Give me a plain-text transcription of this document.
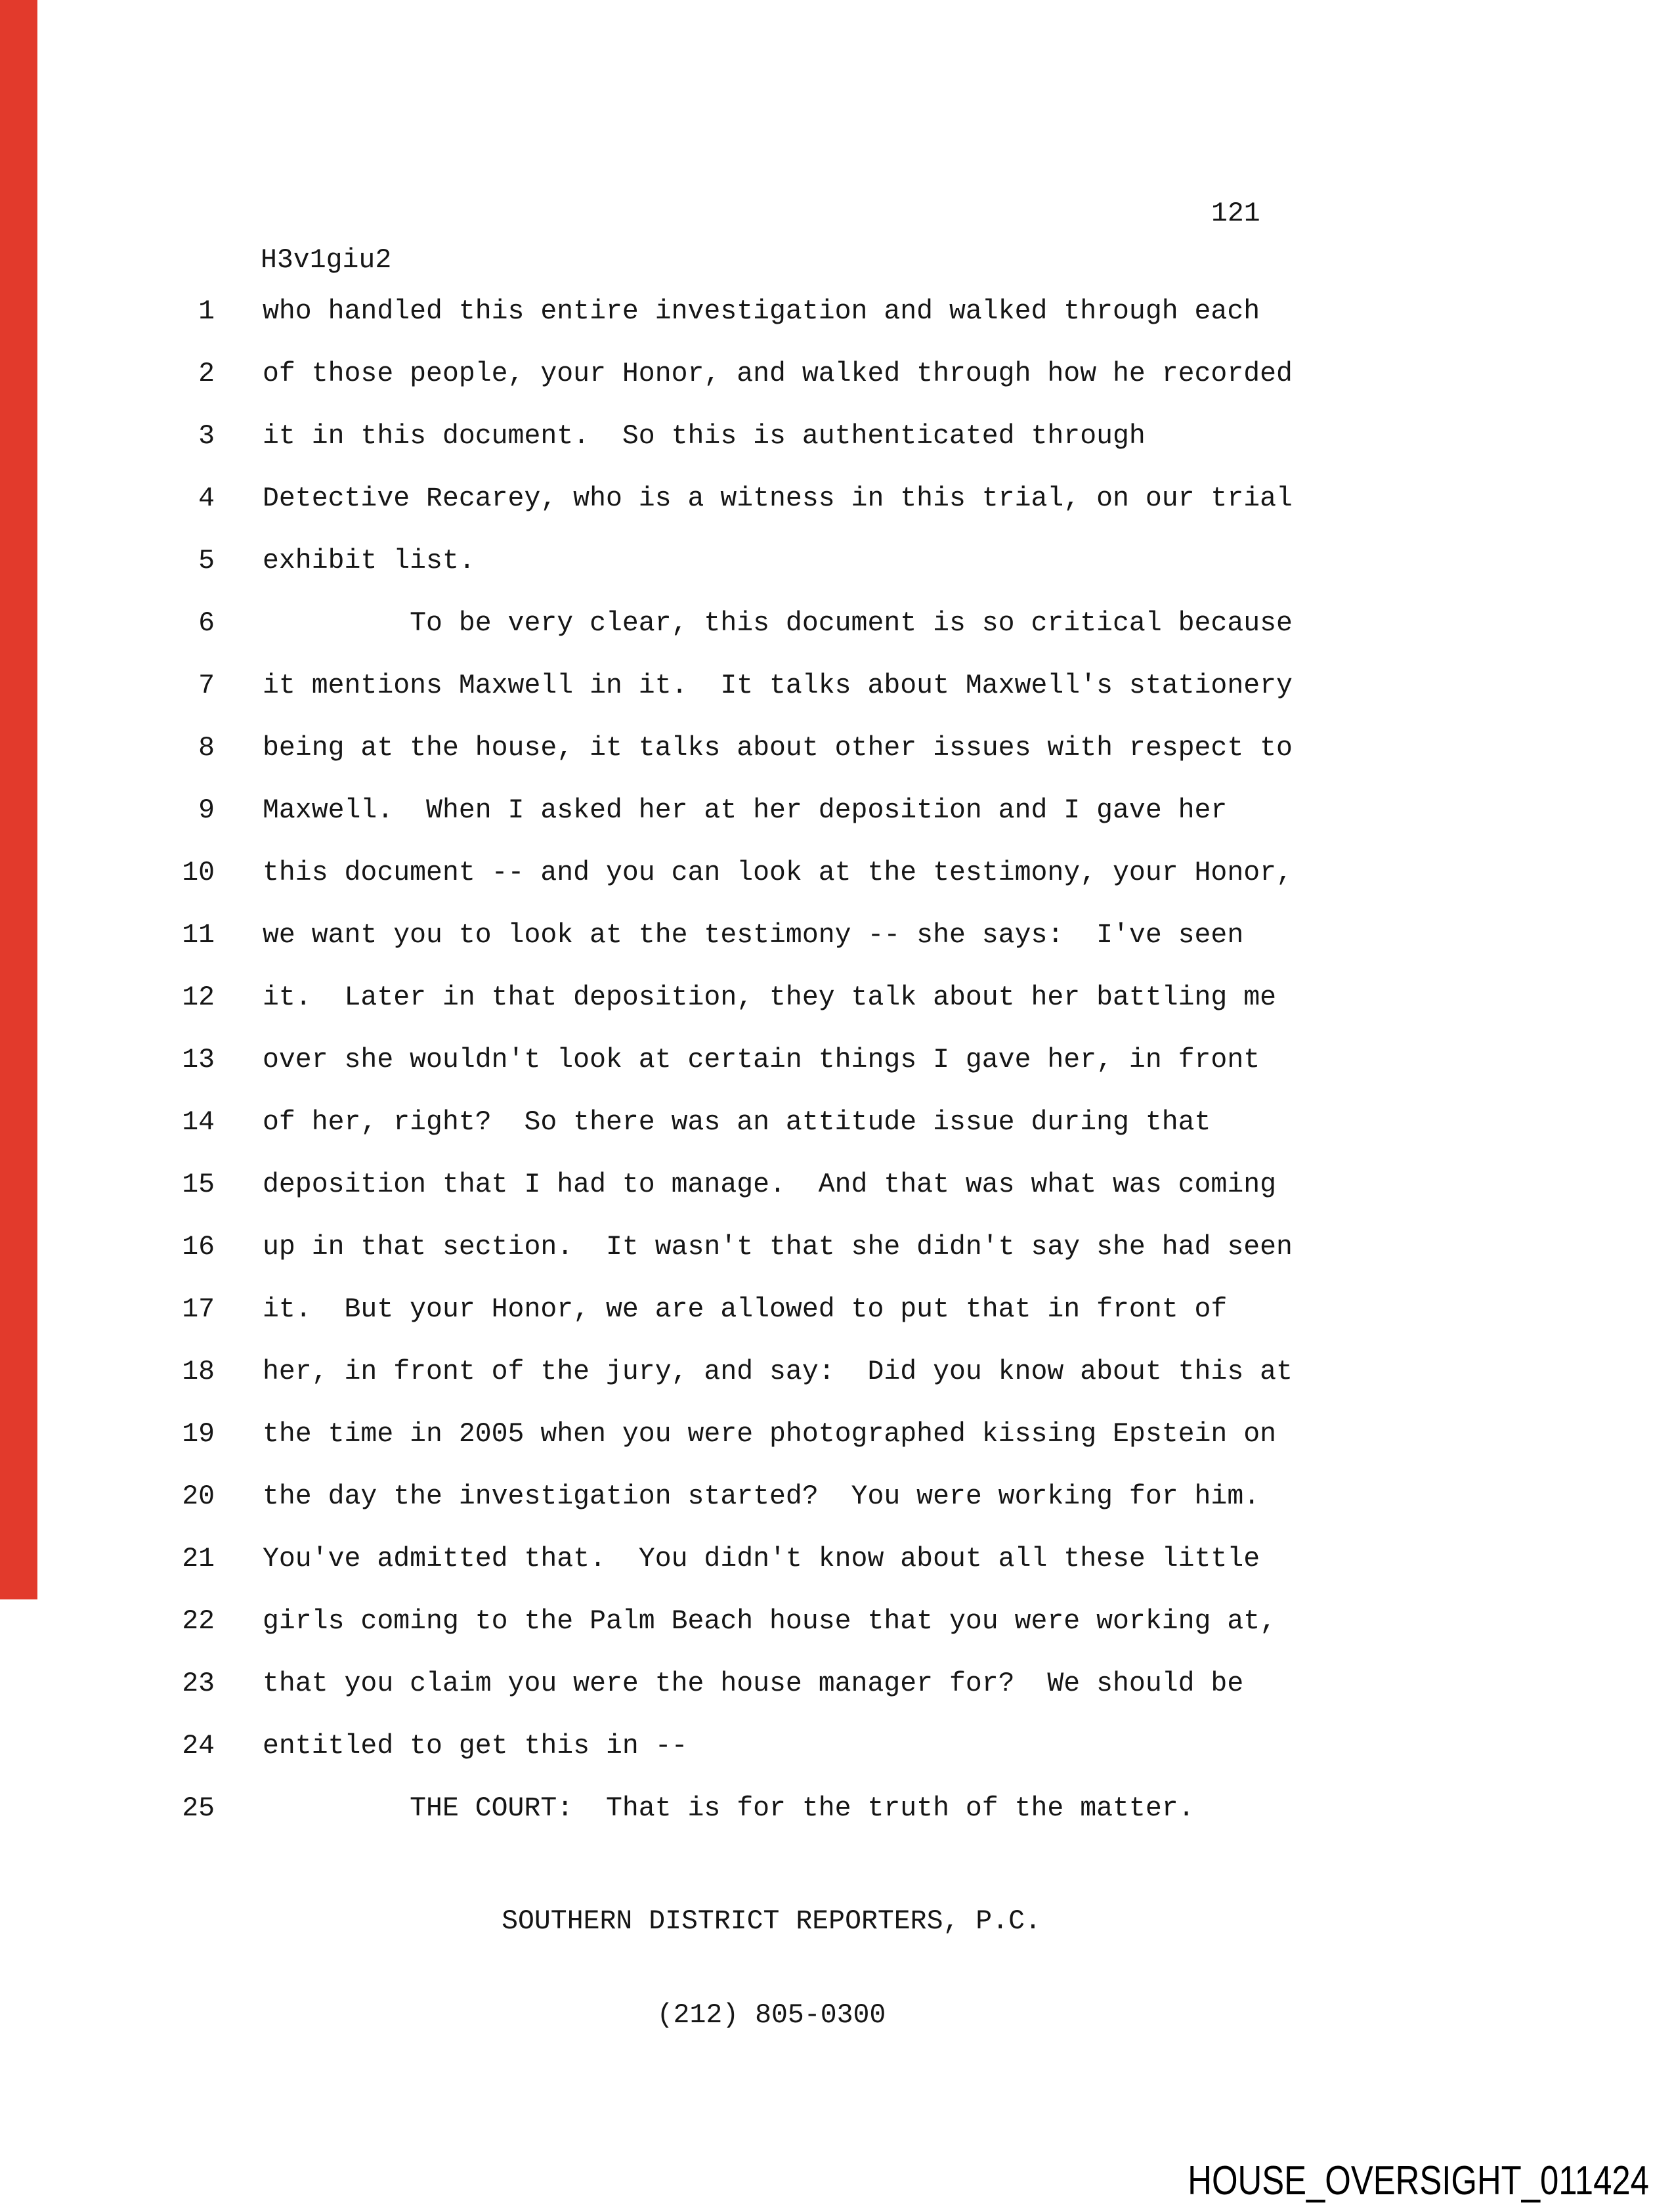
121
H3v1giu2
1 who handled this entire investigation and walked through each
2 of those people, your Honor, and walked through how he recorded
3 it in this document.  So this is authenticated through
4 Detective Recarey, who is a witness in this trial, on our trial
5 exhibit list.
6         To be very clear, this document is so critical because
7 it mentions Maxwell in it.  It talks about Maxwell's stationery
8 being at the house, it talks about other issues with respect to
9 Maxwell.  When I asked her at her deposition and I gave her
10 this document -- and you can look at the testimony, your Honor,
11 we want you to look at the testimony -- she says:  I've seen
12 it.  Later in that deposition, they talk about her battling me
13 over she wouldn't look at certain things I gave her, in front
14 of her, right?  So there was an attitude issue during that
15 deposition that I had to manage.  And that was what was coming
16 up in that section.  It wasn't that she didn't say she had seen
17 it.  But your Honor, we are allowed to put that in front of
18 her, in front of the jury, and say:  Did you know about this at
19 the time in 2005 when you were photographed kissing Epstein on
20 the day the investigation started?  You were working for him.
21 You've admitted that.  You didn't know about all these little
22 girls coming to the Palm Beach house that you were working at,
23 that you claim you were the house manager for?  We should be
24 entitled to get this in --
25         THE COURT:  That is for the truth of the matter.

SOUTHERN DISTRICT REPORTERS, P.C.

(212) 805-0300

HOUSE_OVERSIGHT_011424
